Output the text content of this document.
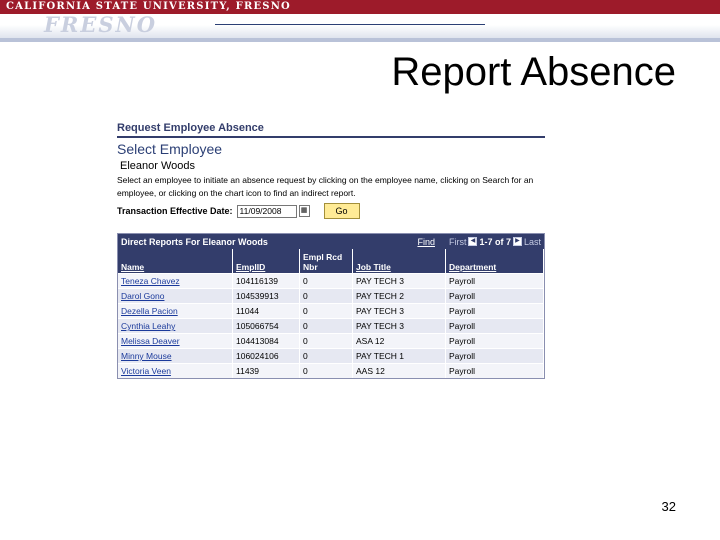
CALIFORNIA STATE UNIVERSITY, FRESNO
FRESNO
Report Absence
Request Employee Absence
Select Employee
Eleanor Woods
Select an employee to initiate an absence request by clicking on the employee name, clicking on Search for an employee, or clicking on the chart icon to find an indirect report.
Transaction Effective Date: 11/09/2008	▦	Go
Direct Reports For Eleanor Woods	Find First ◀ 1-7 of 7 ▶ Last
Name	EmplID	Empl Rcd Nbr	Job Title	Department
Teneza Chavez	104116139	0	PAY TECH 3	Payroll
Darol Gono	104539913	0	PAY TECH 2	Payroll
Dezella Pacion	11044	0	PAY TECH 3	Payroll
Cynthia Leahy	105066754	0	PAY TECH 3	Payroll
Melissa Deaver	104413084	0	ASA 12	Payroll
Minny Mouse	106024106	0	PAY TECH 1	Payroll
Victoria Veen	11439	0	AAS 12	Payroll
32
